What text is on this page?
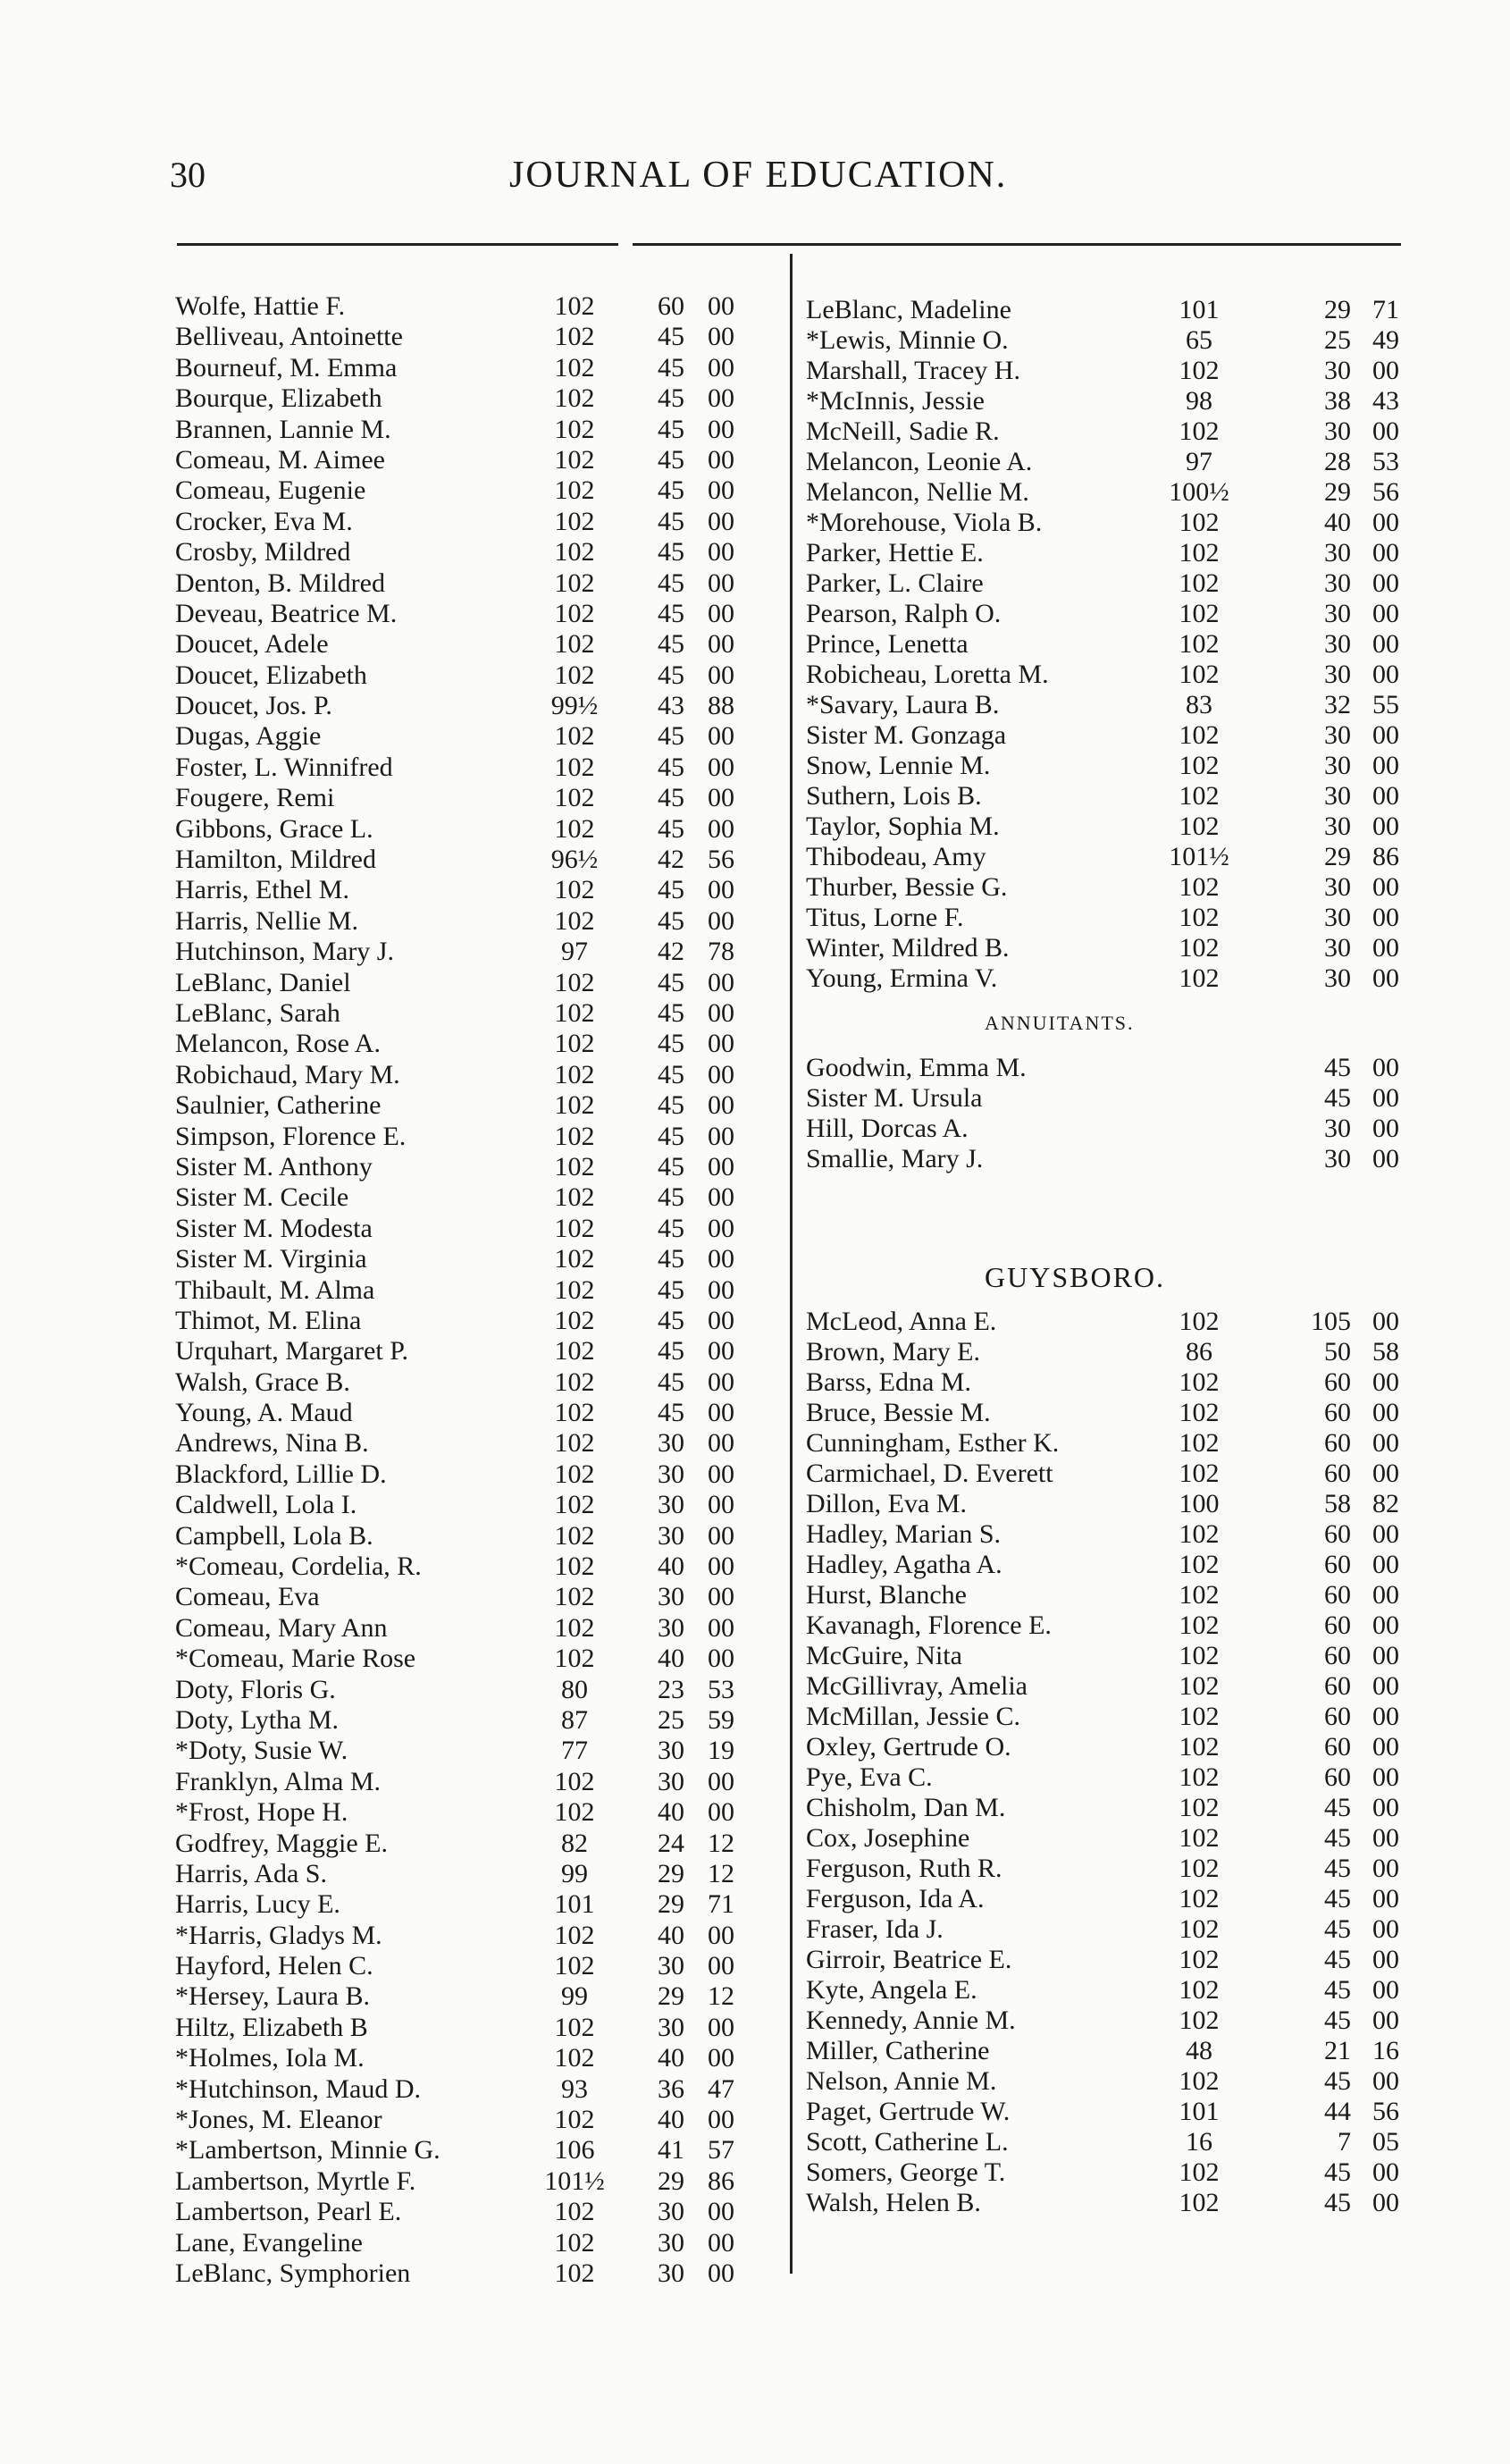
30	JOURNAL OF EDUCATION.
Wolfe, Hattie F.	102	60 00
Belliveau, Antoinette	102	45 00
Bourneuf, M. Emma	102	45 00
Bourque, Elizabeth	102	45 00
Brannen, Lannie M.	102	45 00
Comeau, M. Aimee	102	45 00
Comeau, Eugenie	102	45 00
Crocker, Eva M.	102	45 00
Crosby, Mildred	102	45 00
Denton, B. Mildred	102	45 00
Deveau, Beatrice M.	102	45 00
Doucet, Adele	102	45 00
Doucet, Elizabeth	102	45 00
Doucet, Jos. P.	99½	43 88
Dugas, Aggie	102	45 00
Foster, L. Winnifred	102	45 00
Fougere, Remi	102	45 00
Gibbons, Grace L.	102	45 00
Hamilton, Mildred	96½	42 56
Harris, Ethel M.	102	45 00
Harris, Nellie M.	102	45 00
Hutchinson, Mary J.	97	42 78
LeBlanc, Daniel	102	45 00
LeBlanc, Sarah	102	45 00
Melancon, Rose A.	102	45 00
Robichaud, Mary M.	102	45 00
Saulnier, Catherine	102	45 00
Simpson, Florence E.	102	45 00
Sister M. Anthony	102	45 00
Sister M. Cecile	102	45 00
Sister M. Modesta	102	45 00
Sister M. Virginia	102	45 00
Thibault, M. Alma	102	45 00
Thimot, M. Elina	102	45 00
Urquhart, Margaret P.	102	45 00
Walsh, Grace B.	102	45 00
Young, A. Maud	102	45 00
Andrews, Nina B.	102	30 00
Blackford, Lillie D.	102	30 00
Caldwell, Lola I.	102	30 00
Campbell, Lola B.	102	30 00
*Comeau, Cordelia, R.	102	40 00
Comeau, Eva	102	30 00
Comeau, Mary Ann	102	30 00
*Comeau, Marie Rose	102	40 00
Doty, Floris G.	80	23 53
Doty, Lytha M.	87	25 59
*Doty, Susie W.	77	30 19
Franklyn, Alma M.	102	30 00
*Frost, Hope H.	102	40 00
Godfrey, Maggie E.	82	24 12
Harris, Ada S.	99	29 12
Harris, Lucy E.	101	29 71
*Harris, Gladys M.	102	40 00
Hayford, Helen C.	102	30 00
*Hersey, Laura B.	99	29 12
Hiltz, Elizabeth B	102	30 00
*Holmes, Iola M.	102	40 00
*Hutchinson, Maud D.	93	36 47
*Jones, M. Eleanor	102	40 00
*Lambertson, Minnie G.	106	41 57
Lambertson, Myrtle F.	101½	29 86
Lambertson, Pearl E.	102	30 00
Lane, Evangeline	102	30 00
LeBlanc, Symphorien	102	30 00
LeBlanc, Madeline	101	29 71
*Lewis, Minnie O.	65	25 49
Marshall, Tracey H.	102	30 00
*McInnis, Jessie	98	38 43
McNeill, Sadie R.	102	30 00
Melancon, Leonie A.	97	28 53
Melancon, Nellie M.	100½	29 56
*Morehouse, Viola B.	102	40 00
Parker, Hettie E.	102	30 00
Parker, L. Claire	102	30 00
Pearson, Ralph O.	102	30 00
Prince, Lenetta	102	30 00
Robicheau, Loretta M.	102	30 00
*Savary, Laura B.	83	32 55
Sister M. Gonzaga	102	30 00
Snow, Lennie M.	102	30 00
Suthern, Lois B.	102	30 00
Taylor, Sophia M.	102	30 00
Thibodeau, Amy	101½	29 86
Thurber, Bessie G.	102	30 00
Titus, Lorne F.	102	30 00
Winter, Mildred B.	102	30 00
Young, Ermina V.	102	30 00
ANNUITANTS.
Goodwin, Emma M.	45 00
Sister M. Ursula	45 00
Hill, Dorcas A.	30 00
Smallie, Mary J.	30 00
GUYSBORO.
McLeod, Anna E.	102	105 00
Brown, Mary E.	86	50 58
Barss, Edna M.	102	60 00
Bruce, Bessie M.	102	60 00
Cunningham, Esther K.	102	60 00
Carmichael, D. Everett	102	60 00
Dillon, Eva M.	100	58 82
Hadley, Marian S.	102	60 00
Hadley, Agatha A.	102	60 00
Hurst, Blanche	102	60 00
Kavanagh, Florence E.	102	60 00
McGuire, Nita	102	60 00
McGillivray, Amelia	102	60 00
McMillan, Jessie C.	102	60 00
Oxley, Gertrude O.	102	60 00
Pye, Eva C.	102	60 00
Chisholm, Dan M.	102	45 00
Cox, Josephine	102	45 00
Ferguson, Ruth R.	102	45 00
Ferguson, Ida A.	102	45 00
Fraser, Ida J.	102	45 00
Girroir, Beatrice E.	102	45 00
Kyte, Angela E.	102	45 00
Kennedy, Annie M.	102	45 00
Miller, Catherine	48	21 16
Nelson, Annie M.	102	45 00
Paget, Gertrude W.	101	44 56
Scott, Catherine L.	16	7 05
Somers, George T.	102	45 00
Walsh, Helen B.	102	45 00
